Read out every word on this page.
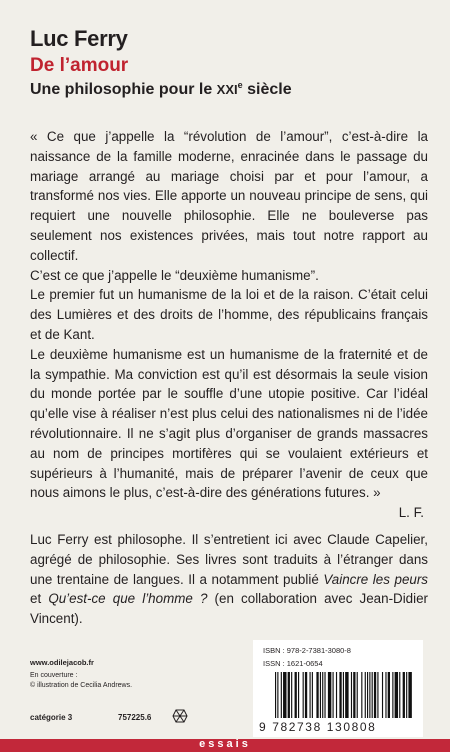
Luc Ferry
De l’amour
Une philosophie pour le XXIe siècle

« Ce que j’appelle la “révolution de l’amour”, c’est-à-dire la naissance de la famille moderne, enracinée dans le passage du mariage arrangé au mariage choisi par et pour l’amour, a transformé nos vies. Elle apporte un nouveau principe de sens, qui requiert une nouvelle philosophie. Elle ne bouleverse pas seulement nos existences privées, mais tout notre rapport au collectif.

C’est ce que j’appelle le “deuxième humanisme”.

Le premier fut un humanisme de la loi et de la raison. C’était celui des Lumières et des droits de l’homme, des républicains français et de Kant.

Le deuxième humanisme est un humanisme de la fraternité et de la sympathie. Ma conviction est qu’il est désormais la seule vision du monde portée par le souffle d’une utopie positive. Car l’idéal qu’elle vise à réaliser n’est plus celui des nationalismes ni de l’idée révolutionnaire. Il ne s’agit plus d’organiser de grands massacres au nom de principes mortifères qui se voulaient extérieurs et supérieurs à l’humanité, mais de préparer l’avenir de ceux que nous aimons le plus, c’est-à-dire des générations futures. »

L. F.

Luc Ferry est philosophe. Il s’entretient ici avec Claude Capelier, agrégé de philosophie. Ses livres sont traduits à l’étranger dans une trentaine de langues. Il a notamment publié Vaincre les peurs et Qu’est-ce que l’homme ? (en collaboration avec Jean-Didier Vincent).

www.odilejacob.fr
En couverture :
© illustration de Cecilia Andrews.
catégorie 3	757225.6
ISBN : 978-2-7381-3080-8
ISSN : 1621-0654
9 782738 130808
essais
